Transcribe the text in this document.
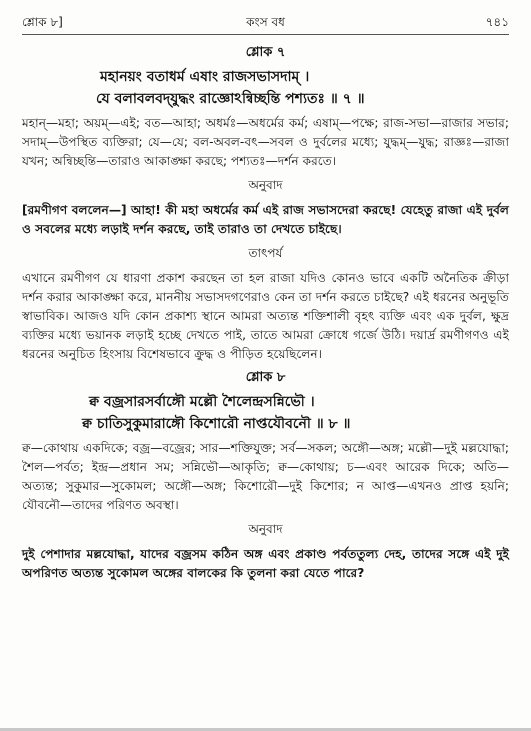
শ্লোক ৮]	কংস বধ	৭৪১
শ্লোক ৭
মহানয়ং বতাধর্ম এষাং রাজসভাসদাম্ ।
যে বলাবলবদ্‌যুদ্ধং রাজ্ঞোঽন্বিচ্ছন্তি পশ্যতঃ ॥ ৭ ॥
মহান্—মহা; অয়ম্—এই; বত—আহা; অধর্মঃ—অধর্মের কর্ম; এষাম্—পক্ষে; রাজ-সভা—রাজার সভার; সদাম্—উপস্থিত ব্যক্তিরা; যে—যে; বল-অবল-বৎ—সবল ও দুর্বলের মধ্যে; যুদ্ধম্—যুদ্ধ; রাজ্ঞঃ—রাজা যখন; অন্বিচ্ছন্তি—তারাও আকাঙ্ক্ষা করছে; পশ্যতঃ—দর্শন করতে।
অনুবাদ
[রমণীগণ বললেন—] আহা! কী মহা অধর্মের কর্ম এই রাজ সভাসদেরা করছে! যেহেতু রাজা এই দুর্বল ও সবলের মধ্যে লড়াই দর্শন করছে, তাই তারাও তা দেখতে চাইছে।
তাৎপর্য
এখানে রমণীগণ যে ধারণা প্রকাশ করছেন তা হল রাজা যদিও কোনও ভাবে একটি অনৈতিক ক্রীড়া দর্শন করার আকাঙ্ক্ষা করে, মাননীয় সভাসদগণেরাও কেন তা দর্শন করতে চাইছে? এই ধরনের অনুভূতি স্বাভাবিক। আজও যদি কোন প্রকাশ্য স্থানে আমরা অত্যন্ত শক্তিশালী বৃহৎ ব্যক্তি এবং এক দুর্বল, ক্ষুদ্র ব্যক্তির মধ্যে ভয়ানক লড়াই হচ্ছে দেখতে পাই, তাতে আমরা ক্রোধে গর্জে উঠি। দয়ার্দ্র রমণীগণও এই ধরনের অনুচিত হিংসায় বিশেষভাবে ক্রুদ্ধ ও পীড়িত হয়েছিলেন।
শ্লোক ৮
ক্ব বজ্রসারসর্বাঙ্গৌ মল্লৌ শৈলেন্দ্রসন্নিভৌ ।
ক্ব চাতিসুকুমারাঙ্গৌ কিশোরৌ নাপ্তযৌবনৌ ॥ ৮ ॥
ক্ব—কোথায় একদিকে; বজ্র—বজ্রের; সার—শক্তিযুক্ত; সর্ব—সকল; অঙ্গৌ—অঙ্গ; মল্লৌ—দুই মল্লযোদ্ধা; শৈল—পর্বত; ইন্দ্র—প্রধান সম; সন্নিভৌ—আকৃতি; ক্ব—কোথায়; চ—এবং আরেক দিকে; অতি—অত্যন্ত; সুকুমার—সুকোমল; অঙ্গৌ—অঙ্গ; কিশোরৌ—দুই কিশোর; ন আপ্ত—এখনও প্রাপ্ত হয়নি; যৌবনৌ—তাদের পরিণত অবস্থা।
অনুবাদ
দুই পেশাদার মল্লযোদ্ধা, যাদের বজ্রসম কঠিন অঙ্গ এবং প্রকাণ্ড পর্বততুল্য দেহ, তাদের সঙ্গে এই দুই অপরিণত অত্যন্ত সুকোমল অঙ্গের বালকের কি তুলনা করা যেতে পারে?
